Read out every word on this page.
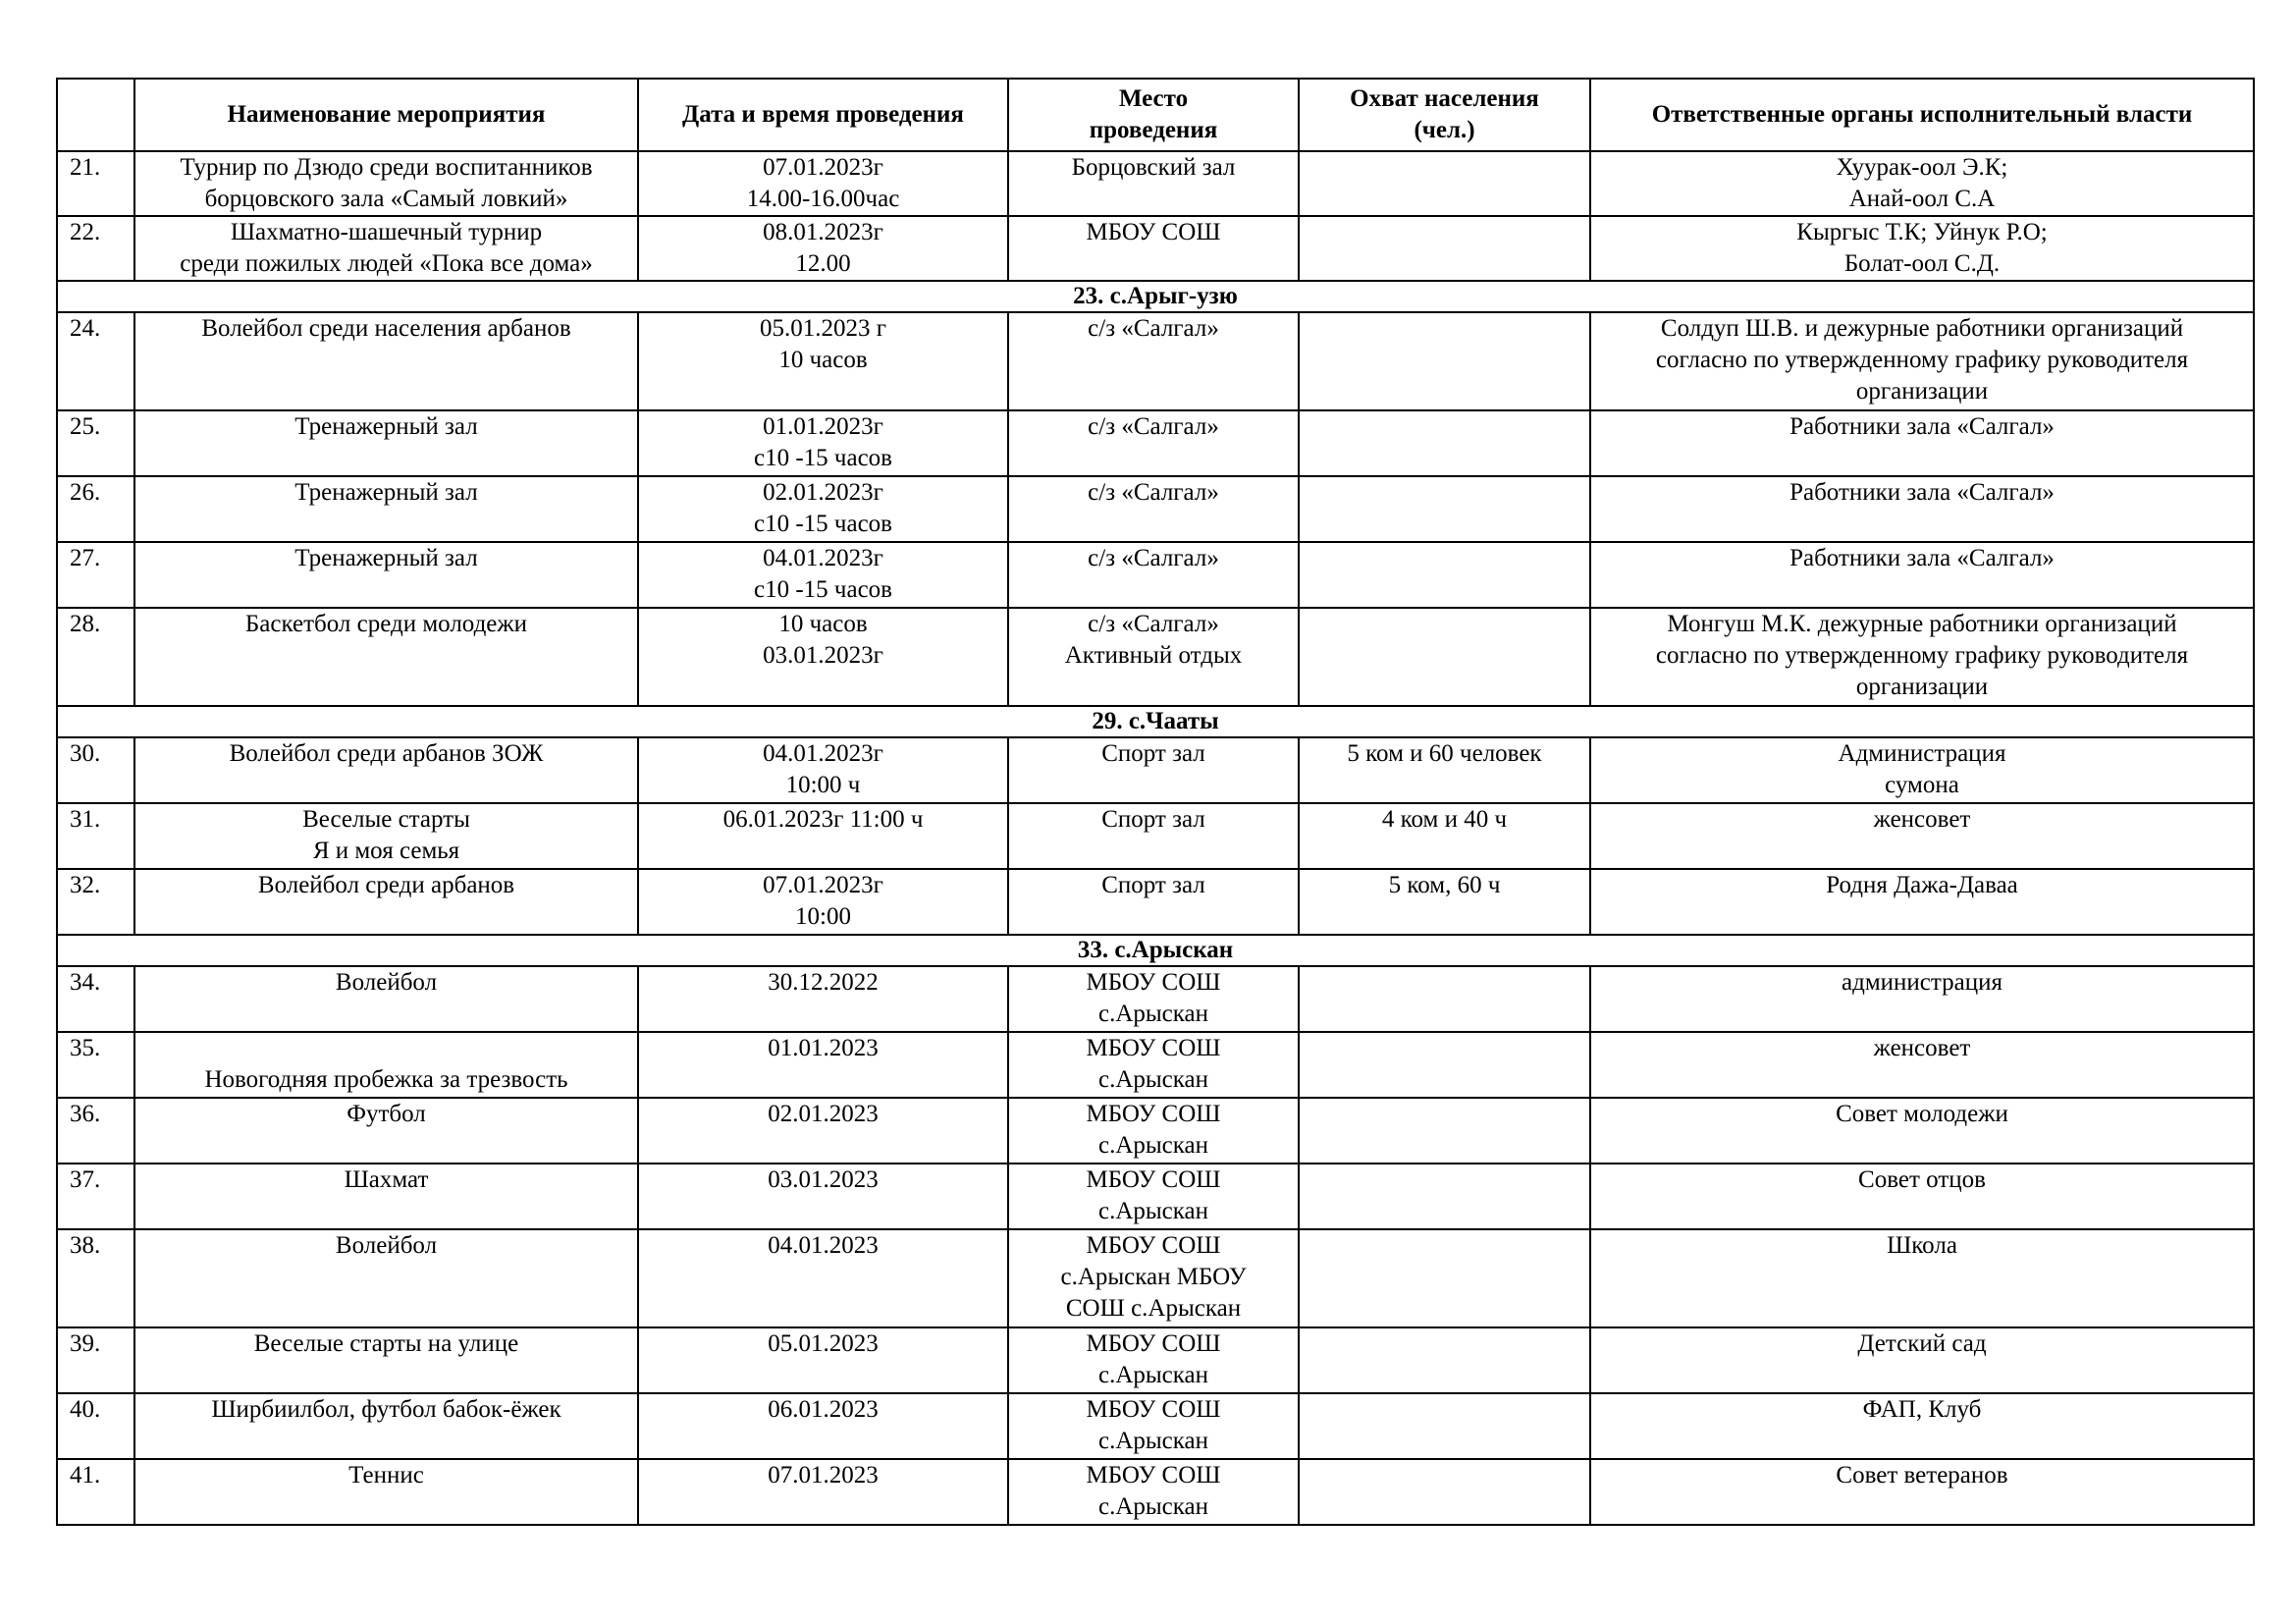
	Наименование мероприятия	Дата и время проведения	Место проведения	Охват населения (чел.)	Ответственные органы исполнительный власти
21.	Турнир по Дзюдо среди воспитанников
борцовского зала «Самый ловкий»	07.01.2023г
14.00-16.00час	Борцовский зал		Хуурак-оол Э.К;
Анай-оол С.А

22.	Шахматно-шашечный турнир
среди пожилых людей «Пока все дома»	08.01.2023г
12.00	МБОУ СОШ		Кыргыс Т.К; Уйнук Р.О;
Болат-оол С.Д.

23. с.Арыг-узю					
24.	Волейбол среди населения арбанов	05.01.2023 г
10 часов	с/з «Салгал»		Солдуп Ш.В. и дежурные работники организаций
согласно по утвержденному графику руководителя
организации

25.	Тренажерный зал	01.01.2023г
с10 -15 часов	с/з «Салгал»		Работники зала «Салгал»

26.	Тренажерный зал	02.01.2023г
с10 -15 часов	с/з «Салгал»		Работники зала «Салгал»

27.	Тренажерный зал	04.01.2023г
с10 -15 часов	с/з «Салгал»		Работники зала «Салгал»

28.	Баскетбол среди молодежи	10 часов
03.01.2023г	с/з «Салгал»
Активный отдых		Монгуш М.К. дежурные работники организаций
согласно по утвержденному графику руководителя
организации

29. с.Чааты					
30.	Волейбол среди арбанов ЗОЖ	04.01.2023г
10:00 ч	Спорт зал	5 ком и 60 человек	Администрация
сумона

31.	Веселые старты
Я и моя семья	06.01.2023г 11:00 ч	Спорт зал	4 ком и 40 ч	женсовет

32.	Волейбол среди арбанов	07.01.2023г
10:00	Спорт зал	5 ком, 60 ч	Родня Дажа-Даваа

33. с.Арыскан					
34.	Волейбол	30.12.2022	МБОУ СОШ
с.Арыскан		администрация

35.	Новогодняя пробежка за трезвость	01.01.2023	МБОУ СОШ
с.Арыскан		женсовет

36.	Футбол	02.01.2023	МБОУ СОШ
с.Арыскан		Совет молодежи

37.	Шахмат	03.01.2023	МБОУ СОШ
с.Арыскан		Совет отцов

38.	Волейбол	04.01.2023	МБОУ СОШ
с.Арыскан МБОУ
СОШ с.Арыскан		Школа

39.	Веселые старты на улице	05.01.2023	МБОУ СОШ
с.Арыскан		Детский сад

40.	Ширбиилбол, футбол бабок-ёжек	06.01.2023	МБОУ СОШ
с.Арыскан		ФАП, Клуб

41.	Теннис	07.01.2023	МБОУ СОШ
с.Арыскан		Совет ветеранов
